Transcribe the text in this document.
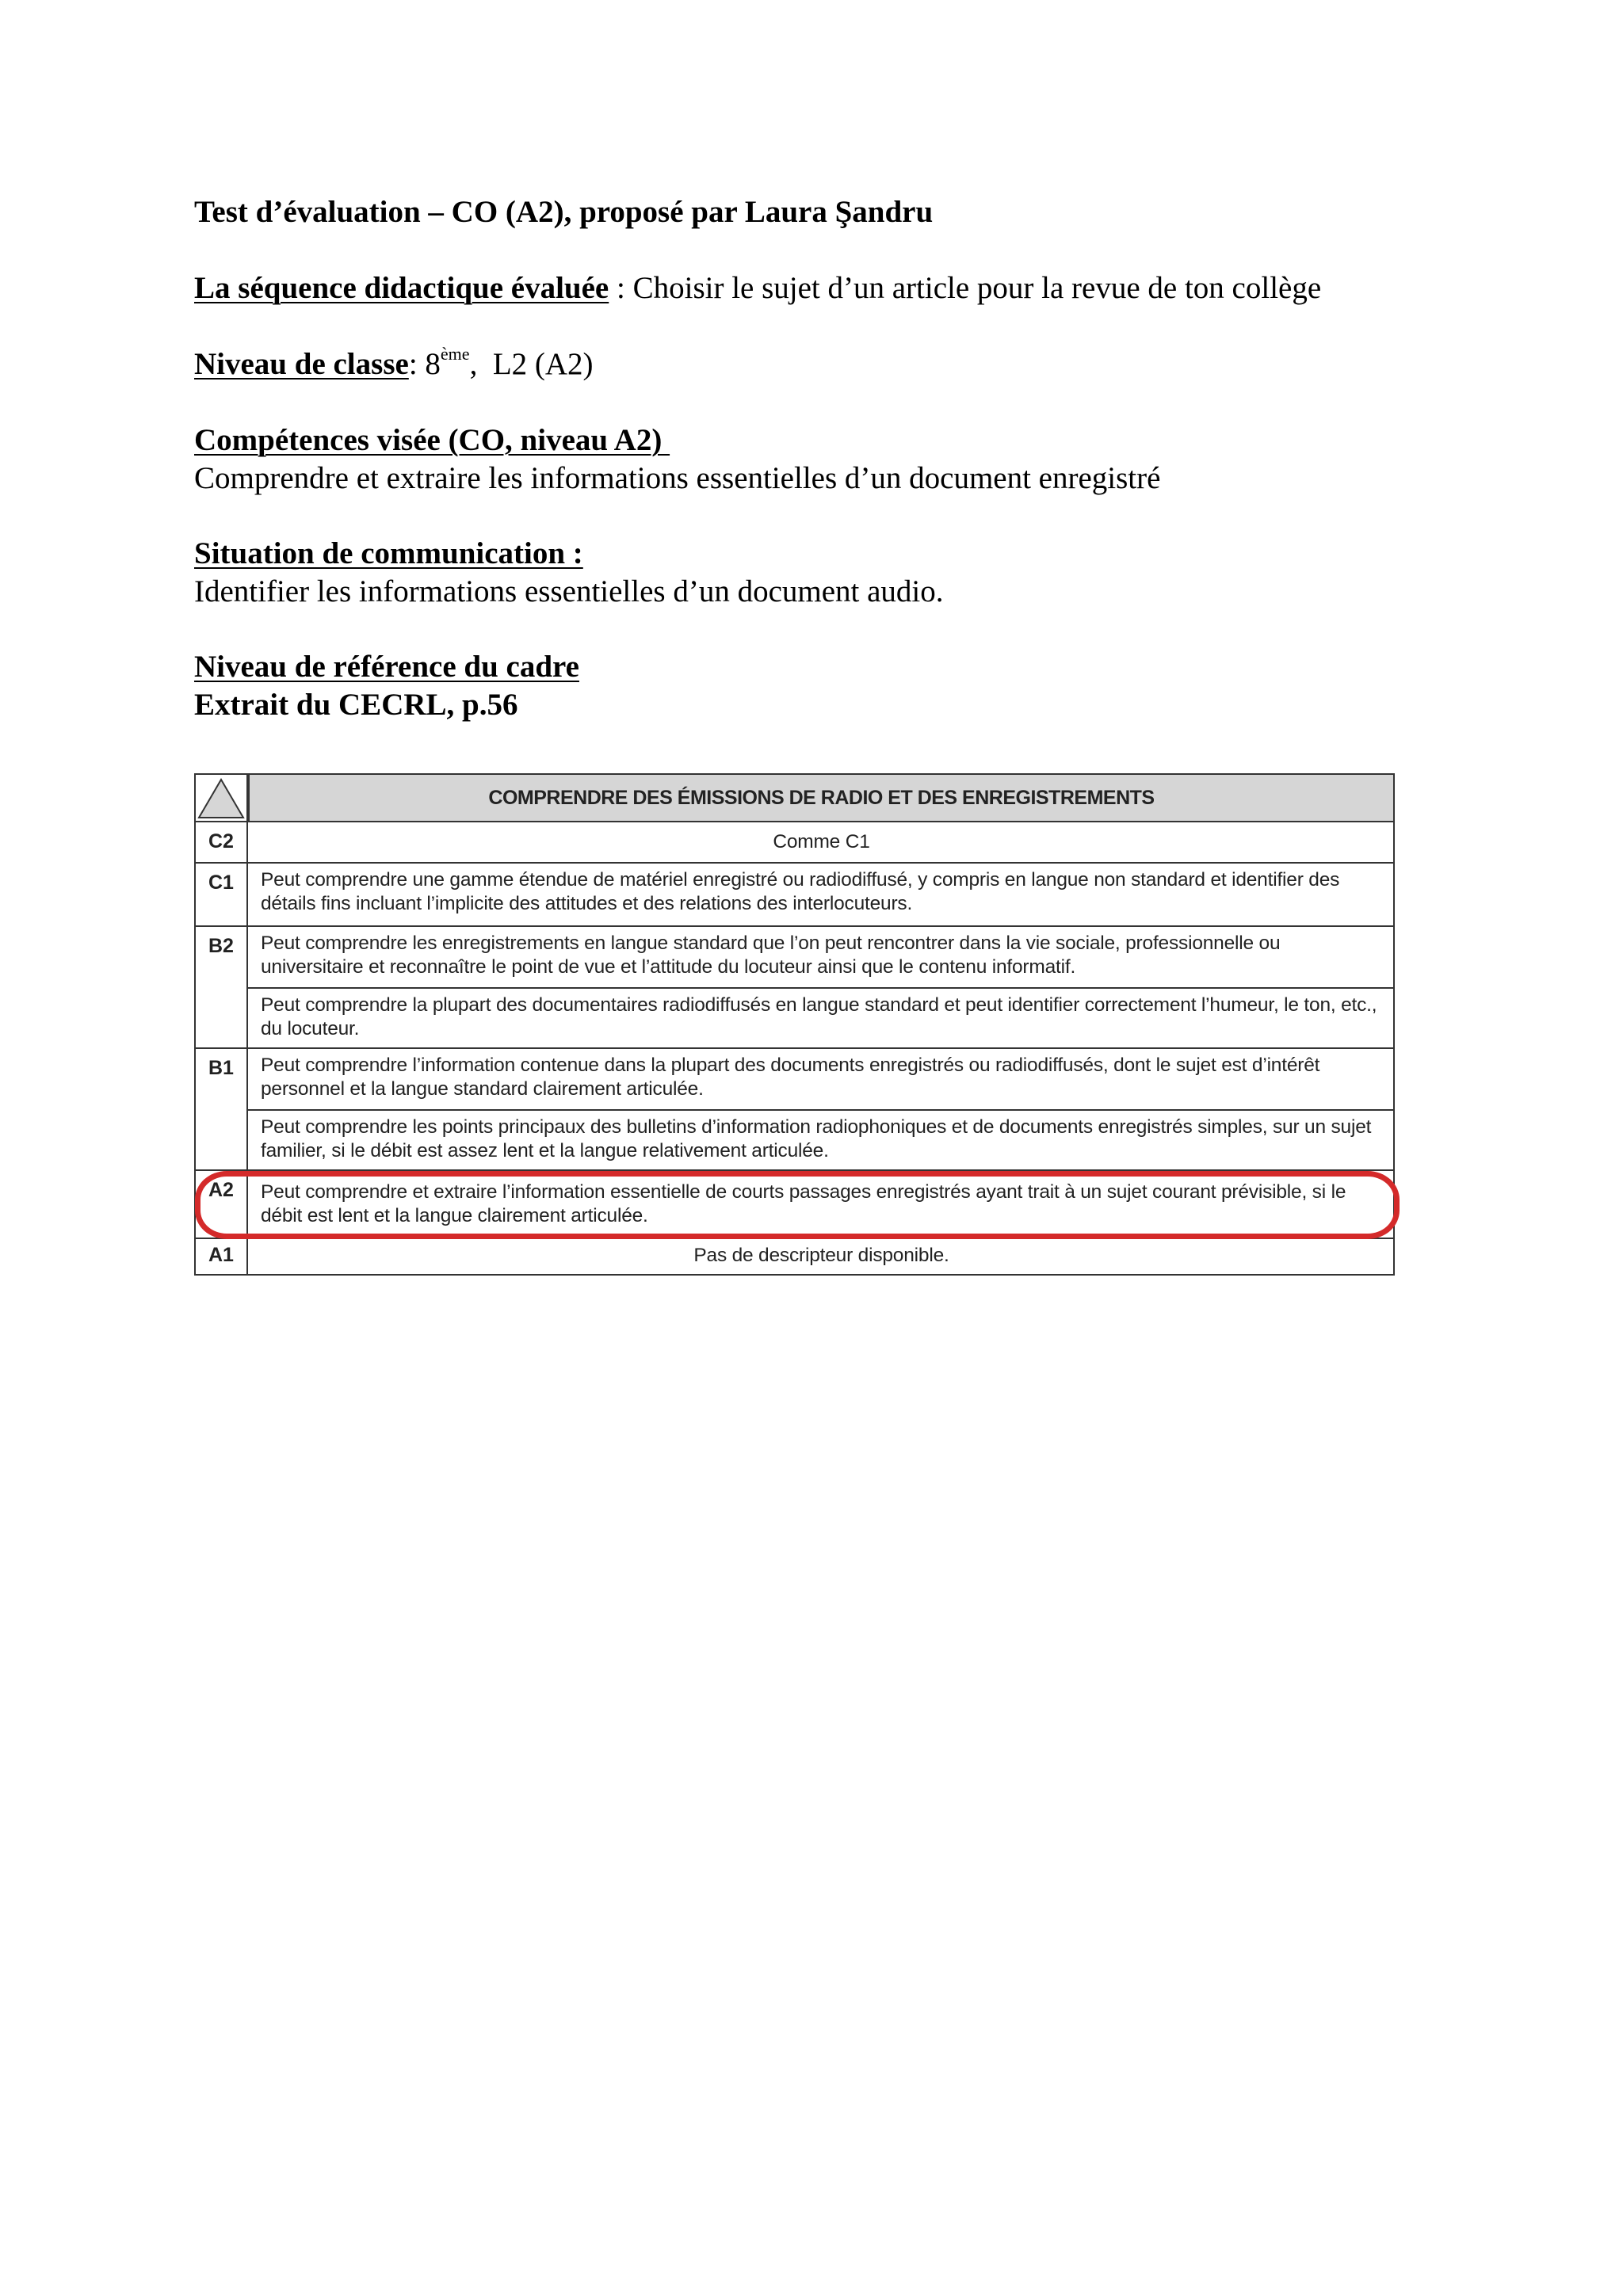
Test d’évaluation – CO (A2), proposé par Laura Şandru
La séquence didactique évaluée : Choisir le sujet d’un article pour la revue de ton collège
Niveau de classe: 8ème,  L2 (A2)
Compétences visée (CO, niveau A2)
Comprendre et extraire les informations essentielles d’un document enregistré
Situation de communication :
Identifier les informations essentielles d’un document audio.
Niveau de référence du cadre
Extrait du CECRL, p.56
COMPRENDRE DES ÉMISSIONS DE RADIO ET DES ENREGISTREMENTS
C2	Comme C1
C1	Peut comprendre une gamme étendue de matériel enregistré ou radiodiffusé, y compris en langue non standard et identifier des détails fins incluant l’implicite des attitudes et des relations des interlocuteurs.
B2	Peut comprendre les enregistrements en langue standard que l’on peut rencontrer dans la vie sociale, professionnelle ou universitaire et reconnaître le point de vue et l’attitude du locuteur ainsi que le contenu informatif.
Peut comprendre la plupart des documentaires radiodiffusés en langue standard et peut identifier correctement l’humeur, le ton, etc., du locuteur.
B1	Peut comprendre l’information contenue dans la plupart des documents enregistrés ou radiodiffusés, dont le sujet est d’intérêt personnel et la langue standard clairement articulée.
Peut comprendre les points principaux des bulletins d’information radiophoniques et de documents enregistrés simples, sur un sujet familier, si le débit est assez lent et la langue relativement articulée.
A2	Peut comprendre et extraire l’information essentielle de courts passages enregistrés ayant trait à un sujet courant prévisible, si le débit est lent et la langue clairement articulée.
A1	Pas de descripteur disponible.
